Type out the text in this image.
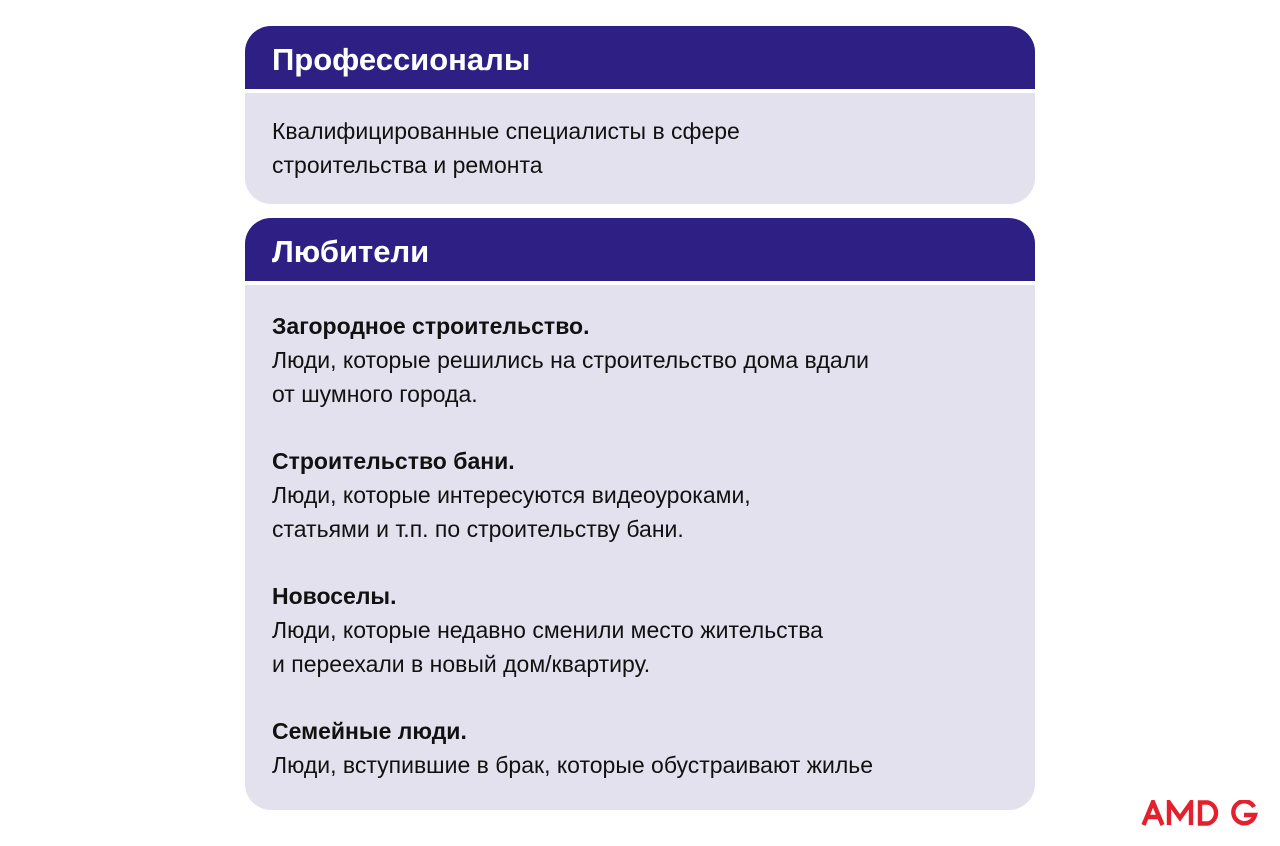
Профессионалы
Квалифицированные специалисты в сфере
строительства и ремонта
Любители
Загородное строительство.
Люди, которые решились на строительство дома вдали
от шумного города.
Строительство бани.
Люди, которые интересуются видеоуроками,
статьями и т.п. по строительству бани.
Новоселы.
Люди, которые недавно сменили место жительства
и переехали в новый дом/квартиру.
Семейные люди.
Люди, вступившие в брак, которые обустраивают жилье
